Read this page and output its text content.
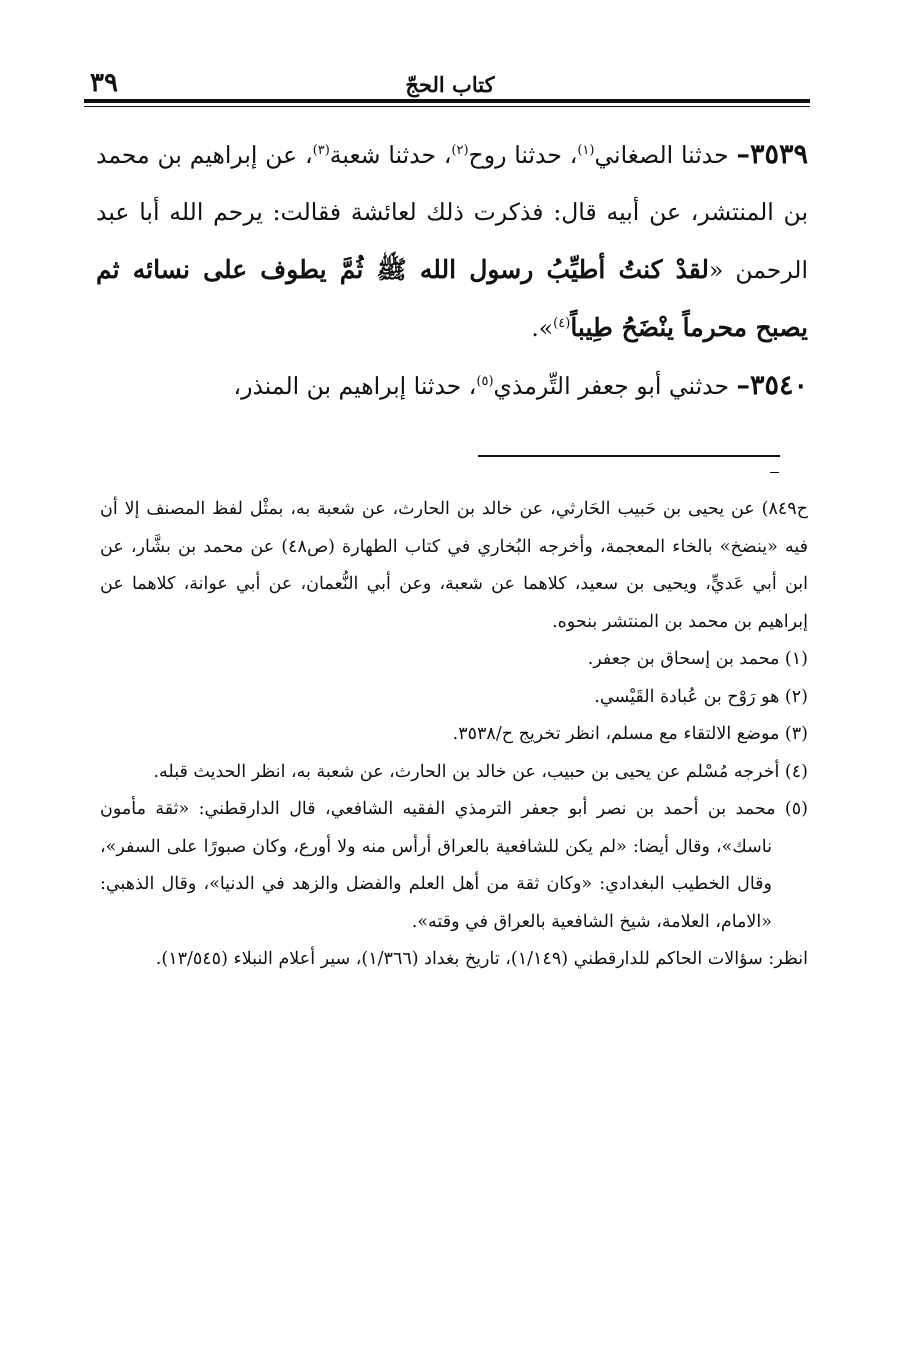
كتاب الحجّ
٣٩

٣٥٣٩– حدثنا الصغاني$^{(١)}$، حدثنا روح$^{(٢)}$، حدثنا شعبة$^{(٣)}$، عن إبراهيم بن محمد بن المنتشر، عن أبيه قال: فذكرت ذلك لعائشة فقالت: يرحم الله أبا عبد الرحمن «لقدْ كنتُ أطيِّبُ رسول الله ﷺ ثُمَّ يطوف على نسائه ثم يصبح محرماً ينْضَحُ طِيباً$^{(٤)}$».

٣٥٤٠– حدثني أبو جعفر التِّرمذي$^{(٥)}$، حدثنا إبراهيم بن المنذر،

ح٨٤٩) عن يحيى بن حَبيب الحَارثي، عن خالد بن الحارث، عن شعبة به، بمثْل لفظ المصنف إلا أن فيه «ينضخ» بالخاء المعجمة، وأخرجه البُخاري في كتاب الطهارة (ص٤٨) عن محمد بن بشَّار، عن ابن أبي عَديٍّ، ويحيى بن سعيد، كلاهما عن شعبة، وعن أبي النُّعمان، عن أبي عوانة، كلاهما عن إبراهيم بن محمد بن المنتشر بنحوه.

(١) محمد بن إسحاق بن جعفر.

(٢) هو رَوْح بن عُبادة القَيْسي.

(٣) موضع الالتقاء مع مسلم، انظر تخريج ح/٣٥٣٨.

(٤) أخرجه مُسْلم عن يحيى بن حبيب، عن خالد بن الحارث، عن شعبة به، انظر الحديث قبله.

(٥) محمد بن أحمد بن نصر أبو جعفر الترمذي الفقيه الشافعي، قال الدارقطني: «ثقة مأمون ناسك»، وقال أيضا: «لم يكن للشافعية بالعراق أرأس منه ولا أورع، وكان صبورًا على السفر»، وقال الخطيب البغدادي: «وكان ثقة من أهل العلم والفضل والزهد في الدنيا»، وقال الذهبي: «الامام، العلامة، شيخ الشافعية بالعراق في وقته».

انظر: سؤالات الحاكم للدارقطني (١/١٤٩)، تاريخ بغداد (١/٣٦٦)، سير أعلام النبلاء (١٣/٥٤٥).
